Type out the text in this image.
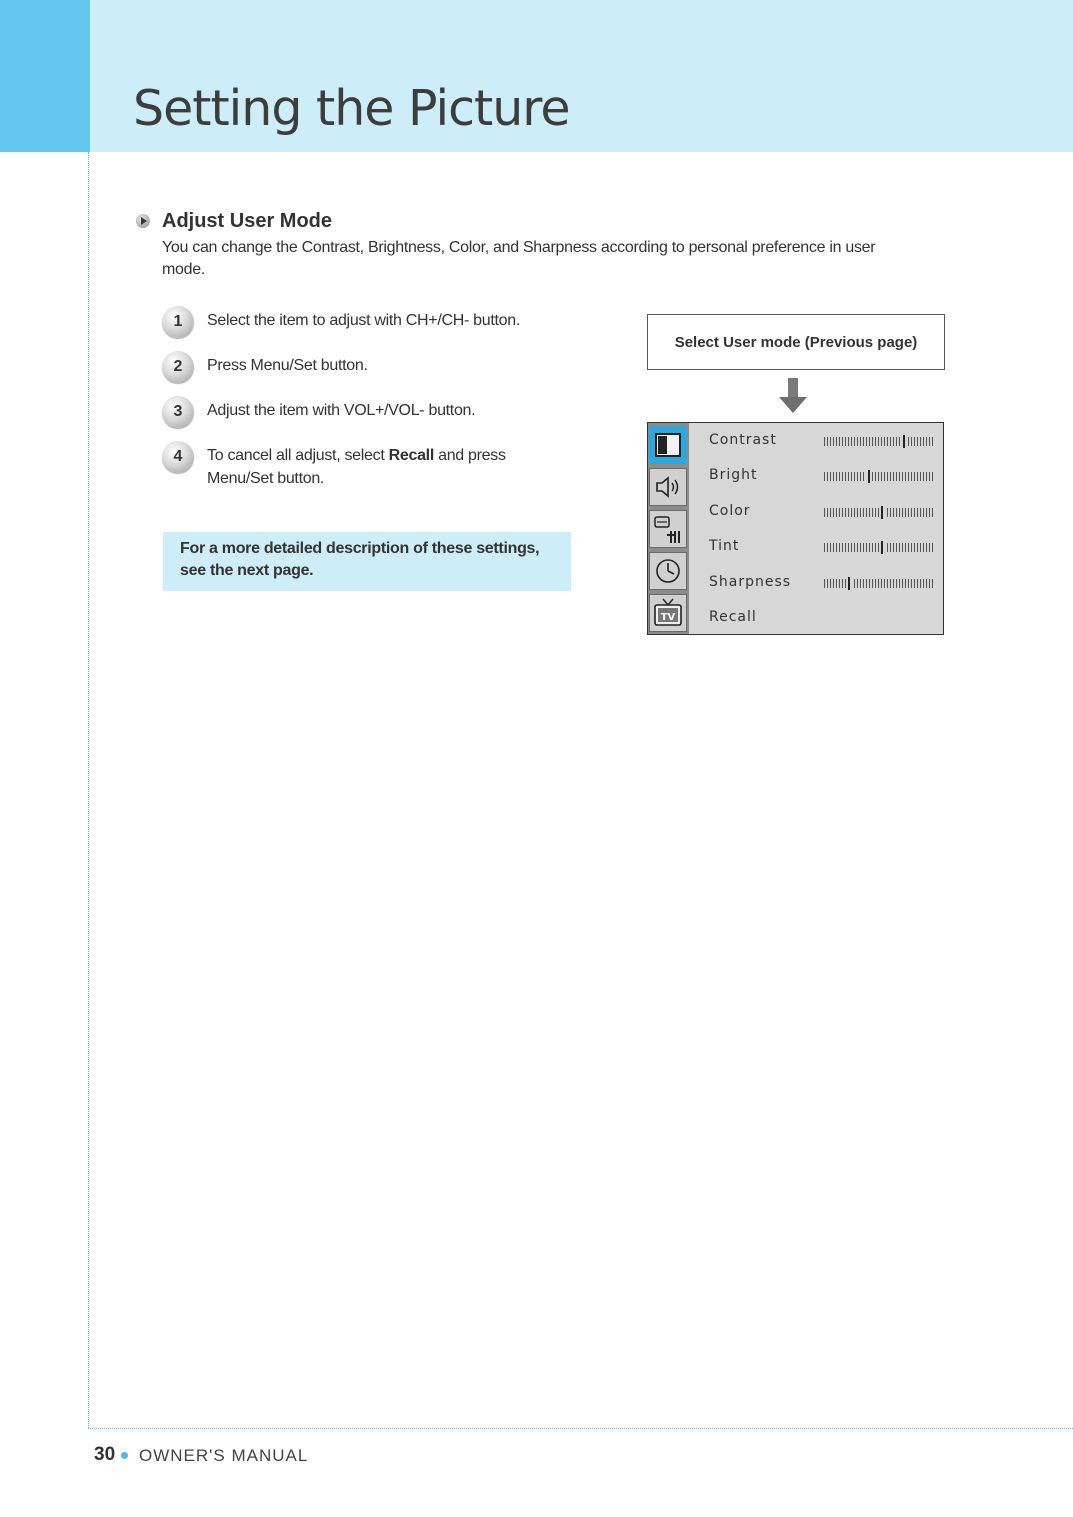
Setting the Picture
Adjust User Mode

You can change the Contrast, Brightness, Color, and Sharpness according to personal preference in user mode.

1	Select the item to adjust with CH+/CH- button.
2	Press Menu/Set button.
3	Adjust the item with VOL+/VOL- button.
4	To cancel all adjust, select Recall and press Menu/Set button.
For a more detailed description of these settings, see the next page.
Select User mode (Previous page)
TV
Contrast
Bright
Color
Tint
Sharpness
Recall
30 OWNER'S MANUAL
